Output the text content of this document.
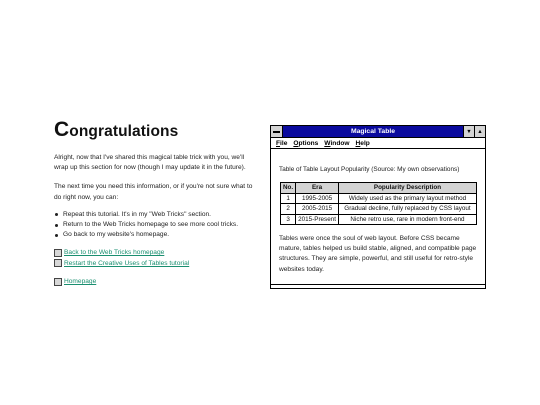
Congratulations

Alright, now that I've shared this magical table trick with you, we'll wrap up this section for now (though I may update it in the future).

The next time you need this information, or if you're not sure what to do right now, you can:

Repeat this tutorial. It's in my "Web Tricks" section.
Return to the Web Tricks homepage to see more cool tricks.
Go back to my website's homepage.
Back to the Web Tricks homepage
Restart the Creative Uses of Tables tutorial
Homepage
Magical Table	▼	▲
File Options Window Help

Table of Table Layout Popularity (Source: My own observations)

No.	Era	Popularity Description
1	1995-2005	Widely used as the primary layout method
2	2005-2015	Gradual decline, fully replaced by CSS layout
3	2015-Present	Niche retro use, rare in modern front-end

Tables were once the soul of web layout. Before CSS became mature, tables helped us build stable, aligned, and compatible page structures. They are simple, powerful, and still useful for retro-style websites today.
